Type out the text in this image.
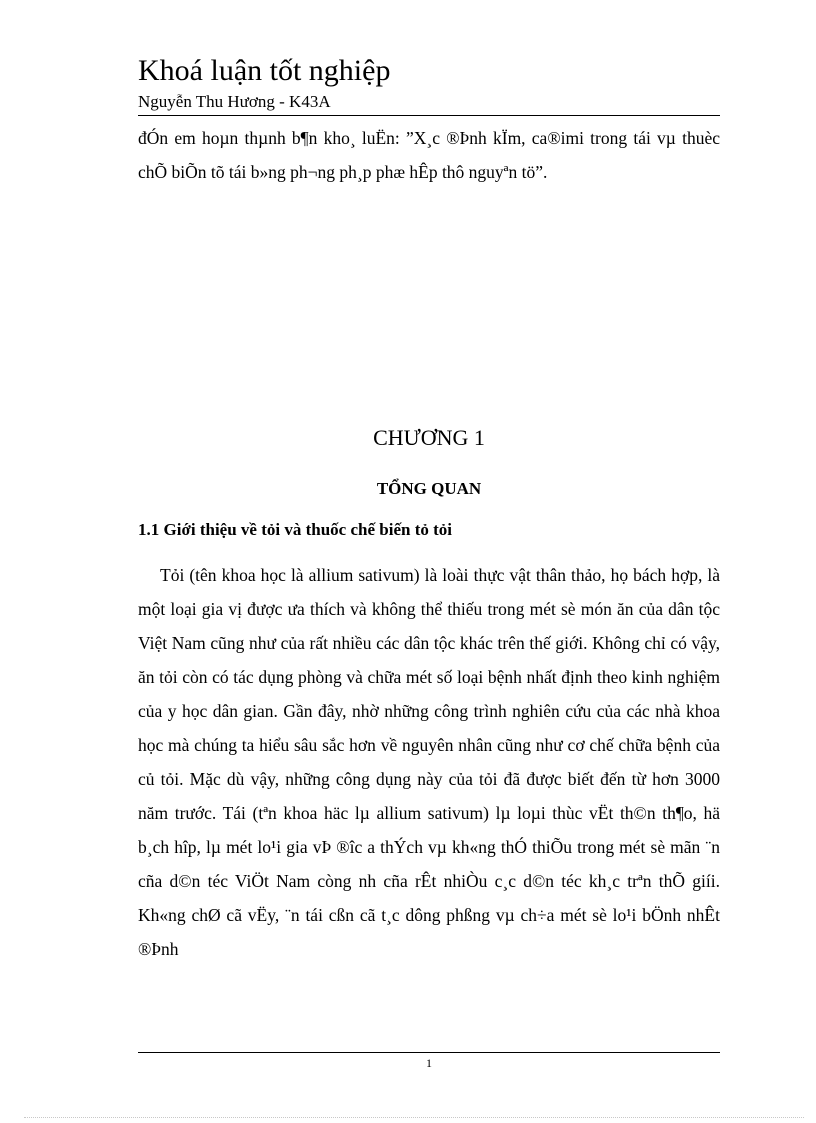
Khoá luận tốt nghiệp
Nguyễn Thu Hương - K43A
đÓn em hoµn thµnh b¶n kho¸ luËn: ”X¸c ®Þnh kÏm, ca®imi trong tái vµ thuèc chÕ biÕn tõ tái b»ng ph¬ng ph¸p phæ hÊp thô nguyªn tö”.
CHƯƠNG 1
TỔNG QUAN
1.1 Giới thiệu về tỏi và thuốc chế biến tỏ tỏi
Tỏi (tên khoa học là allium sativum) là loài thực vật thân thảo, họ bách hợp, là một loại gia vị được ưa thích và không thể thiếu trong mét sè món ăn của dân tộc Việt Nam cũng như của rất nhiều các dân tộc khác trên thế giới. Không chỉ có vậy, ăn tỏi còn có tác dụng phòng và chữa mét số loại bệnh nhất định theo kinh nghiệm của y học dân gian. Gần đây, nhờ những công trình nghiên cứu của các nhà khoa học mà chúng ta hiểu sâu sắc hơn về nguyên nhân cũng như cơ chế chữa bệnh của củ tỏi. Mặc dù vậy, những công dụng này của tỏi đã được biết đến từ hơn 3000 năm trước. Tái (tªn khoa häc lµ allium sativum) lµ loµi thùc vËt th©n th¶o, hä b¸ch hîp, lµ mét lo¹i gia vÞ ®îc a thÝch vµ kh«ng thÓ thiÕu trong mét sè mãn ¨n cña d©n téc ViÖt Nam còng nh cña rÊt nhiÒu c¸c d©n téc kh¸c trªn thÕ giíi. Kh«ng chØ cã vËy, ¨n tái cßn cã t¸c dông phßng vµ ch÷a mét sè lo¹i bÖnh nhÊt ®Þnh
1
